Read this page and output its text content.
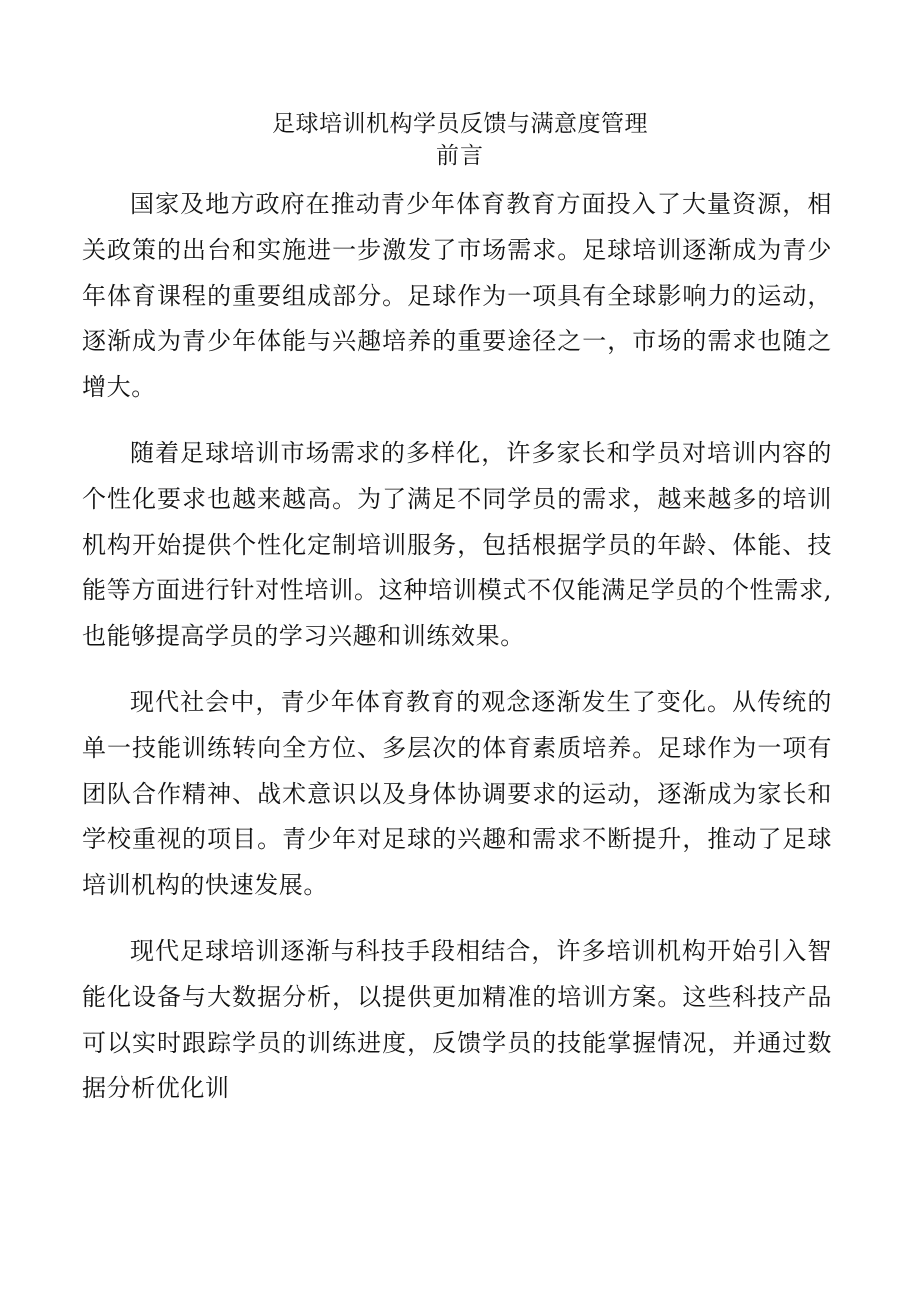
足球培训机构学员反馈与满意度管理
前言

国家及地方政府在推动青少年体育教育方面投入了大量资源，相关政策的出台和实施进一步激发了市场需求。足球培训逐渐成为青少年体育课程的重要组成部分。足球作为一项具有全球影响力的运动，逐渐成为青少年体能与兴趣培养的重要途径之一，市场的需求也随之增大。

随着足球培训市场需求的多样化，许多家长和学员对培训内容的个性化要求也越来越高。为了满足不同学员的需求，越来越多的培训机构开始提供个性化定制培训服务，包括根据学员的年龄、体能、技能等方面进行针对性培训。这种培训模式不仅能满足学员的个性需求,也能够提高学员的学习兴趣和训练效果。

现代社会中，青少年体育教育的观念逐渐发生了变化。从传统的单一技能训练转向全方位、多层次的体育素质培养。足球作为一项有团队合作精神、战术意识以及身体协调要求的运动，逐渐成为家长和学校重视的项目。青少年对足球的兴趣和需求不断提升，推动了足球培训机构的快速发展。

现代足球培训逐渐与科技手段相结合，许多培训机构开始引入智能化设备与大数据分析，以提供更加精准的培训方案。这些科技产品可以实时跟踪学员的训练进度，反馈学员的技能掌握情况，并通过数据分析优化训
